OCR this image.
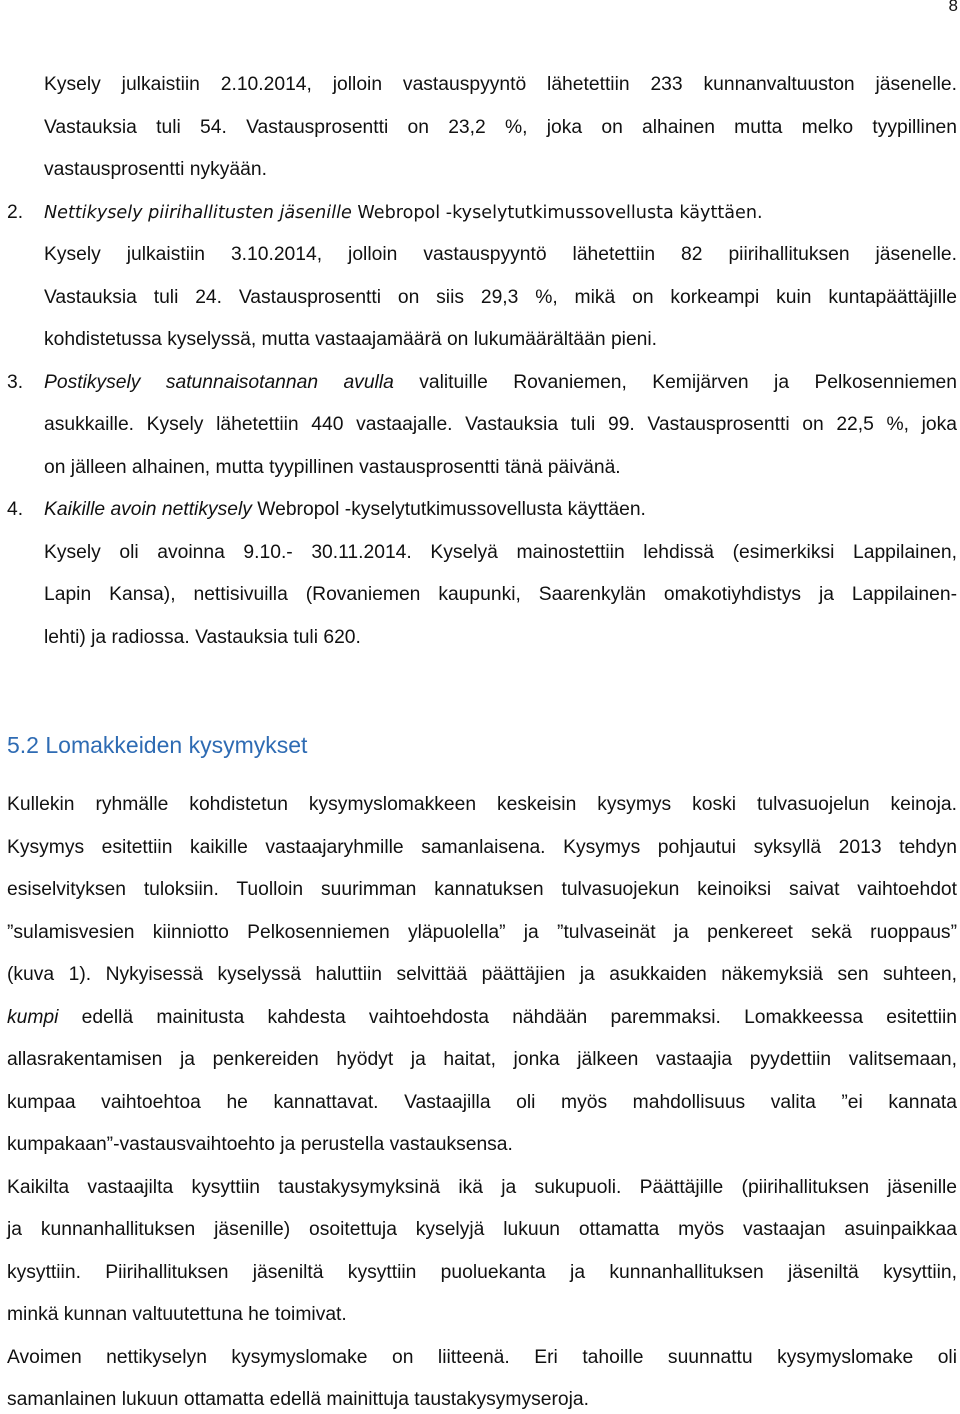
8
Kysely julkaistiin 2.10.2014, jolloin vastauspyyntö lähetettiin 233 kunnanvaltuuston jäsenelle.
Vastauksia tuli 54. Vastausprosentti on 23,2 %, joka on alhainen mutta melko tyypillinen
vastausprosentti nykyään.
2. Nettikysely piirihallitusten jäsenille Webropol -kyselytutkimussovellusta käyttäen.
Kysely julkaistiin 3.10.2014, jolloin vastauspyyntö lähetettiin 82 piirihallituksen jäsenelle.
Vastauksia tuli 24. Vastausprosentti on siis 29,3 %, mikä on korkeampi kuin kuntapäättäjille
kohdistetussa kyselyssä, mutta vastaajamäärä on lukumäärältään pieni.
3. Postikysely satunnaisotannan avulla valituille Rovaniemen, Kemijärven ja Pelkosenniemen
asukkaille. Kysely lähetettiin 440 vastaajalle. Vastauksia tuli 99. Vastausprosentti on 22,5 %, joka
on jälleen alhainen, mutta tyypillinen vastausprosentti tänä päivänä.
4. Kaikille avoin nettikysely Webropol -kyselytutkimussovellusta käyttäen.
Kysely oli avoinna 9.10.- 30.11.2014. Kyselyä mainostettiin lehdissä (esimerkiksi Lappilainen,
Lapin Kansa), nettisivuilla (Rovaniemen kaupunki, Saarenkylän omakotiyhdistys ja Lappilainen-
lehti) ja radiossa. Vastauksia tuli 620.
5.2 Lomakkeiden kysymykset
Kullekin ryhmälle kohdistetun kysymyslomakkeen keskeisin kysymys koski tulvasuojelun keinoja.
Kysymys esitettiin kaikille vastaajaryhmille samanlaisena. Kysymys pohjautui syksyllä 2013 tehdyn
esiselvityksen tuloksiin. Tuolloin suurimman kannatuksen tulvasuojekun keinoiksi saivat vaihtoehdot
”sulamisvesien kiinniotto Pelkosenniemen yläpuolella” ja ”tulvaseinät ja penkereet sekä ruoppaus”
(kuva 1). Nykyisessä kyselyssä haluttiin selvittää päättäjien ja asukkaiden näkemyksiä sen suhteen,
kumpi edellä mainitusta kahdesta vaihtoehdosta nähdään paremmaksi. Lomakkeessa esitettiin
allasrakentamisen ja penkereiden hyödyt ja haitat, jonka jälkeen vastaajia pyydettiin valitsemaan,
kumpaa vaihtoehtoa he kannattavat. Vastaajilla oli myös mahdollisuus valita ”ei kannata
kumpakaan”-vastausvaihtoehto ja perustella vastauksensa.
Kaikilta vastaajilta kysyttiin taustakysymyksinä ikä ja sukupuoli. Päättäjille (piirihallituksen jäsenille
ja kunnanhallituksen jäsenille) osoitettuja kyselyjä lukuun ottamatta myös vastaajan asuinpaikkaa
kysyttiin. Piirihallituksen jäseniltä kysyttiin puoluekanta ja kunnanhallituksen jäseniltä kysyttiin,
minkä kunnan valtuutettuna he toimivat.
Avoimen nettikyselyn kysymyslomake on liitteenä. Eri tahoille suunnattu kysymyslomake oli
samanlainen lukuun ottamatta edellä mainittuja taustakysymyseroja.
